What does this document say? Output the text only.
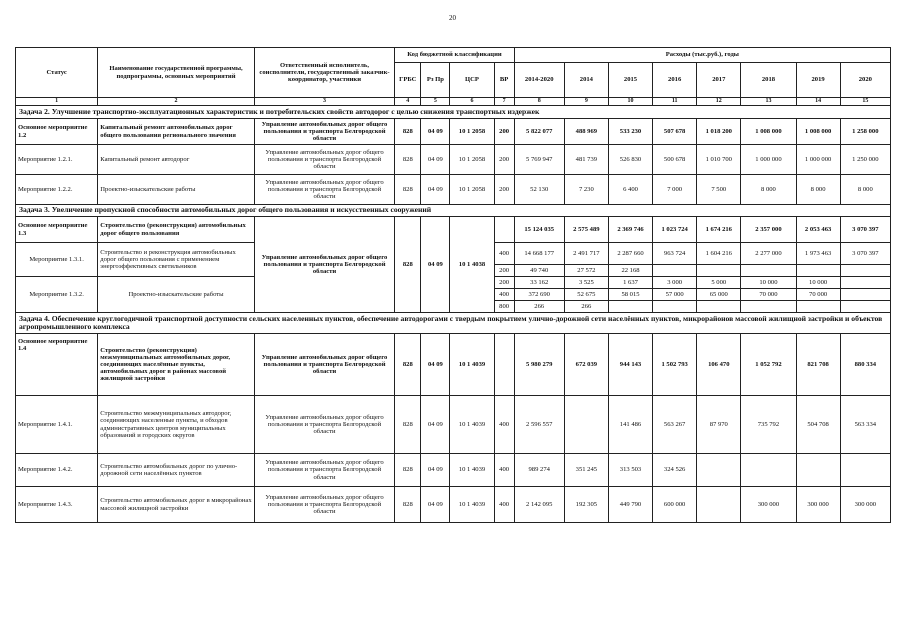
20
Статус	Наименование государственной программы, подпрограммы, основных мероприятий	Ответственный исполнитель, соисполнители, государственный заказчик-координатор, участники	Код бюджетной классификации				Расходы (тыс.руб.), годы							
			ГРБС	Рз Пр	ЦСР	ВР	2014-2020	2014	2015	2016	2017	2018	2019	2020
1	2	3	4	5	6	7	8	9	10	11	12	13	14	15
Задача 2. Улучшение транспортно-эксплуатационных характеристик и потребительских свойств автодорог с целью снижения транспортных издержек														
Основное мероприятие 1.2	Капитальный ремонт автомобильных дорог общего пользования регионального значения	Управление автомобильных дорог общего пользования и транспорта Белгородской области	828	04 09	10 1 2058	200	5 822 077	488 969	533 230	507 678	1 018 200	1 008 000	1 008 000	1 258 000
Мероприятие 1.2.1.	Капитальный ремонт автодорог	Управление автомобильных дорог общего пользования и транспорта Белгородской области	828	04 09	10 1 2058	200	5 769 947	481 739	526 830	500 678	1 010 700	1 000 000	1 000 000	1 250 000
Мероприятие 1.2.2.	Проектно-изыскательские работы	Управление автомобильных дорог общего пользования и транспорта Белгородской области	828	04 09	10 1 2058	200	52 130	7 230	6 400	7 000	7 500	8 000	8 000	8 000
Задача 3. Увеличение пропускной способности автомобильных дорог общего пользования и искусственных сооружений														
Основное мероприятие 1.3	Строительство (реконструкция) автомобильных дорог общего пользования	Управление автомобильных дорог общего пользования и транспорта Белгородской области	828	04 09	10 1 4038		15 124 035	2 575 489	2 369 746	1 023 724	1 674 216	2 357 000	2 053 463	3 070 397
Мероприятие 1.3.1.	Строительство и реконструкция автомобильных дорог общего пользования с применением энергоэффективных светильников					400	14 668 177	2 491 717	2 287 660	963 724	1 604 216	2 277 000	1 973 463	3 070 397
						200	49 740	27 572	22 168					
Мероприятие 1.3.2.	Проектно-изыскательские работы					200	33 162	3 525	1 637	3 000	5 000	10 000	10 000	
						400	372 690	52 675	58 015	57 000	65 000	70 000	70 000	
						800	266	266						
Задача 4. Обеспечение круглогодичной транспортной доступности сельских населенных пунктов, обеспечение автодорогами с твердым покрытием улично-дорожной сети населённых пунктов, микрорайонов массовой жилищной застройки и объектов агропромышленного комплекса														
Основное мероприятие 1.4	Строительство (реконструкция) межмуниципальных автомобильных дорог, соединяющих населённые пункты, автомобильных дорог в районах массовой жилищной застройки	Управление автомобильных дорог общего пользования и транспорта Белгородской области	828	04 09	10 1 4039		5 980 279	672 039	944 143	1 502 793	106 470	1 052 792	821 708	880 334
Мероприятие 1.4.1.	Строительство межмуниципальных автодорог, соединяющих населенные пункты, и обходов административных центров муниципальных образований и городских округов	Управление автомобильных дорог общего пользования и транспорта Белгородской области	828	04 09	10 1 4039	400	2 596 557		141 486	563 267	87 970	735 792	504 708	563 334
Мероприятие 1.4.2.	Строительство автомобильных дорог по улично-дорожной сети населённых пунктов	Управление автомобильных дорог общего пользования и транспорта Белгородской области	828	04 09	10 1 4039	400	989 274	351 245	313 503	324 526				
Мероприятие 1.4.3.	Строительство автомобильных дорог в микрорайонах массовой жилищной застройки	Управление автомобильных дорог общего пользования и транспорта Белгородской области	828	04 09	10 1 4039	400	2 142 095	192 305	449 790	600 000		300 000	300 000	300 000
